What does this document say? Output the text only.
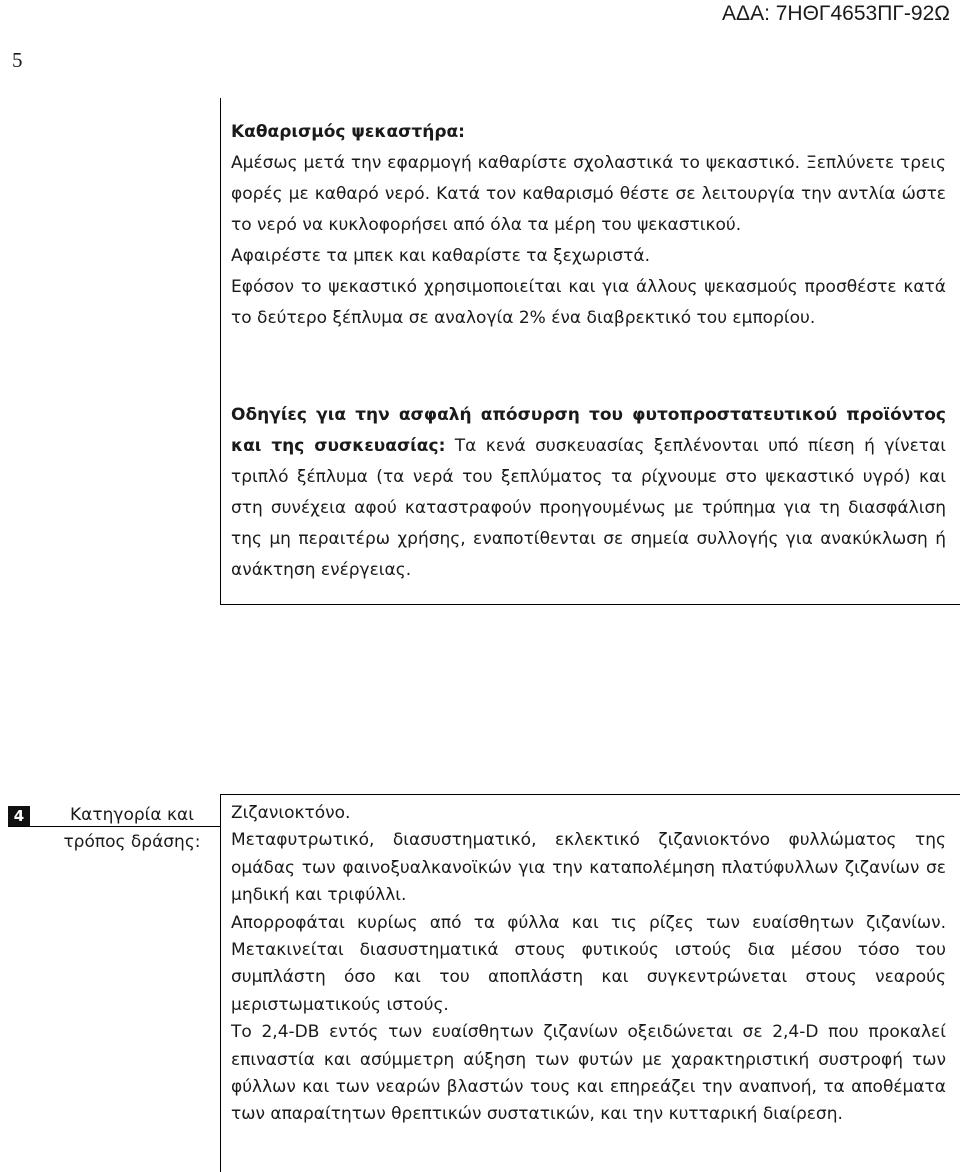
ΑΔΑ: 7ΗΘΓ4653ΠΓ-92Ω
5

Καθαρισμός ψεκαστήρα:

Αμέσως μετά την εφαρμογή καθαρίστε σχολαστικά το ψεκαστικό. Ξεπλύνετε τρεις φορές με καθαρό νερό. Κατά τον καθαρισμό θέστε σε λειτουργία την αντλία ώστε το νερό να κυκλοφορήσει από όλα τα μέρη του ψεκαστικού.

Αφαιρέστε τα μπεκ και καθαρίστε τα ξεχωριστά.

Εφόσον το ψεκαστικό χρησιμοποιείται και για άλλους ψεκασμούς προσθέστε κατά το δεύτερο ξέπλυμα σε αναλογία 2% ένα διαβρεκτικό του εμπορίου.

Οδηγίες για την ασφαλή απόσυρση του φυτοπροστατευτικού προϊόντος και της συσκευασίας: Τα κενά συσκευασίας ξεπλένονται υπό πίεση ή γίνεται τριπλό ξέπλυμα (τα νερά του ξεπλύματος τα ρίχνουμε στο ψεκαστικό υγρό) και στη συνέχεια αφού καταστραφούν προηγουμένως με τρύπημα για τη διασφάλιση της μη περαιτέρω χρήσης, εναποτίθενται σε σημεία συλλογής για ανακύκλωση ή ανάκτηση ενέργειας.

4	Κατηγορία και τρόπος δράσης:

Ζιζανιοκτόνο.

Μεταφυτρωτικό, διασυστηματικό, εκλεκτικό ζιζανιοκτόνο φυλλώματος της ομάδας των φαινοξυαλκανοϊκών για την καταπολέμηση πλατύφυλλων ζιζανίων σε μηδική και τριφύλλι.

Απορροφάται κυρίως από τα φύλλα και τις ρίζες των ευαίσθητων ζιζανίων. Μετακινείται διασυστηματικά στους φυτικούς ιστούς δια μέσου τόσο του συμπλάστη όσο και του αποπλάστη και συγκεντρώνεται στους νεαρούς μεριστωματικούς ιστούς.

Το 2,4-DB εντός των ευαίσθητων ζιζανίων οξειδώνεται σε 2,4-D που προκαλεί επιναστία και ασύμμετρη αύξηση των φυτών με χαρακτηριστική συστροφή των φύλλων και των νεαρών βλαστών τους και επηρεάζει την αναπνοή, τα αποθέματα των απαραίτητων θρεπτικών συστατικών, και την κυτταρική διαίρεση.
